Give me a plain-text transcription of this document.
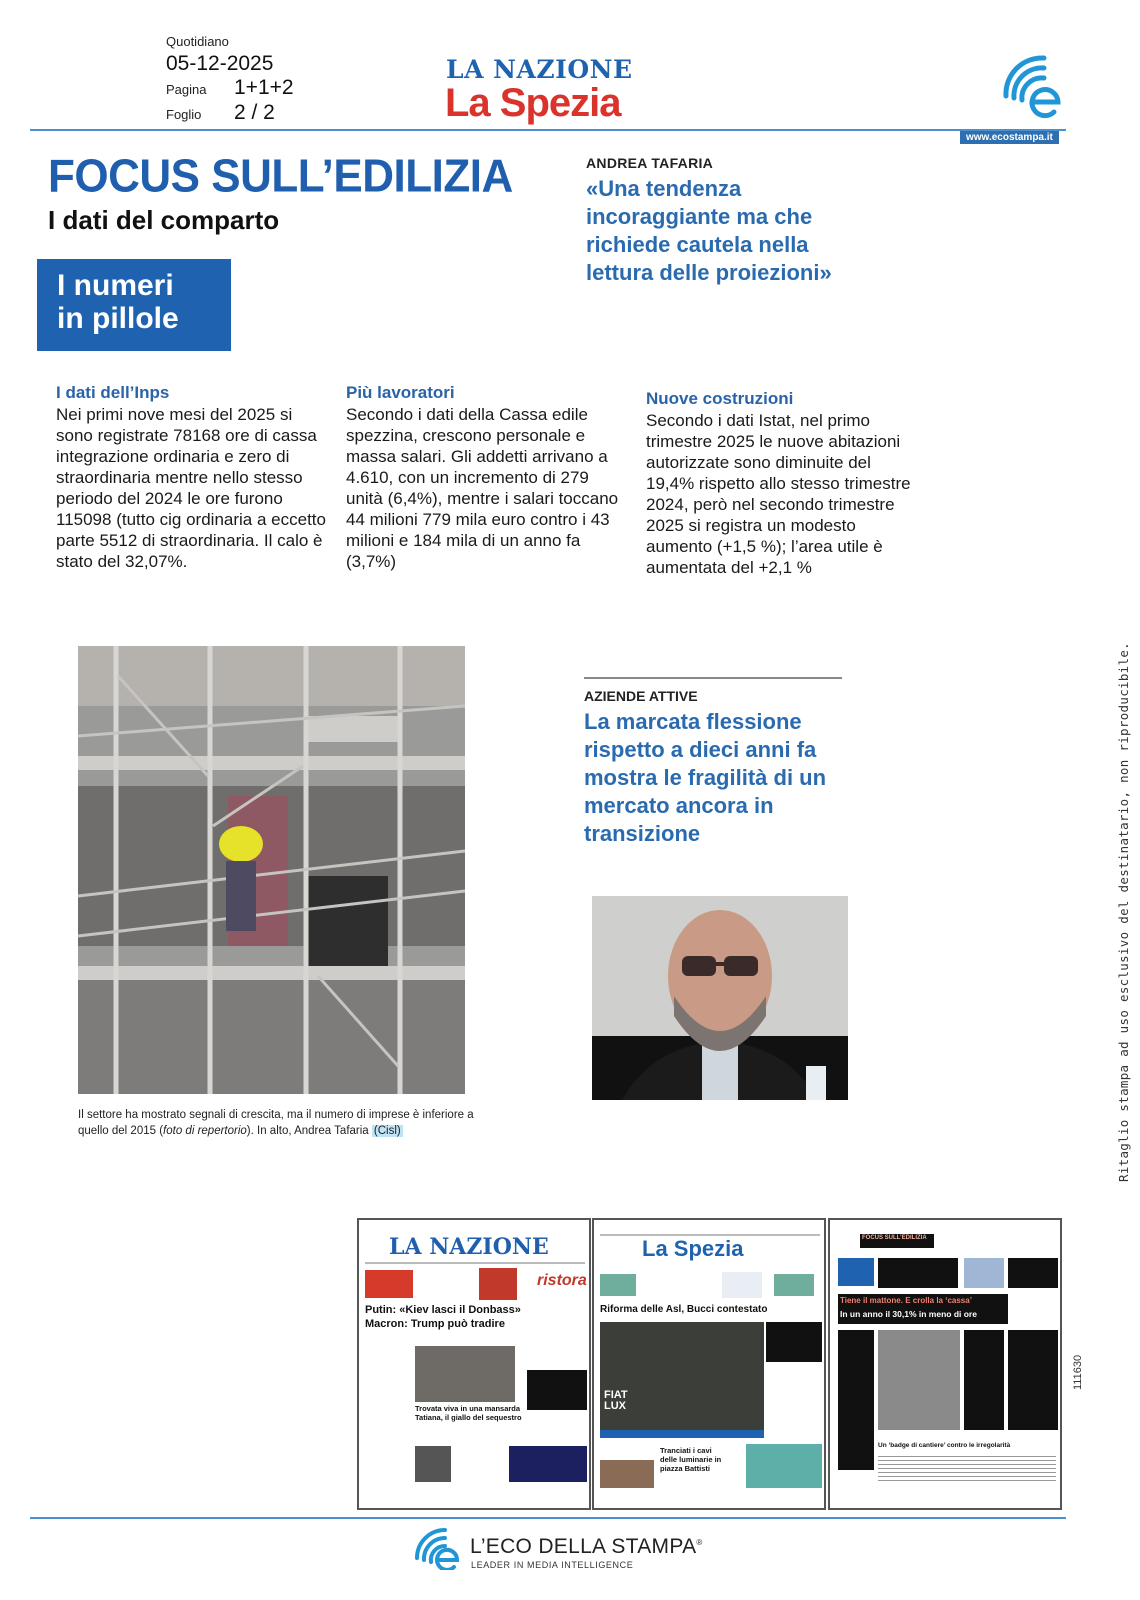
Quotidiano
05-12-2025
Pagina 1+1+2
Foglio 2 / 2
LA NAZIONE
La Spezia
www.ecostampa.it
FOCUS SULL’EDILIZIA
I dati del comparto
I numeri
in pillole
ANDREA TAFARIA
«Una tendenza incoraggiante ma che richiede cautela nella lettura delle proiezioni»
I dati dell’Inps

Nei primi nove mesi del 2025 si sono registrate 78168 ore di cassa integrazione ordinaria e zero di straordinaria mentre nello stesso periodo del 2024 le ore furono 115098 (tutto cig ordinaria a eccetto parte 5512 di straordinaria. Il calo è stato del 32,07%.

Più lavoratori

Secondo i dati della Cassa edile spezzina, crescono personale e massa salari. Gli addetti arrivano a 4.610, con un incremento di 279 unità (6,4%), mentre i salari toccano 44 milioni 779 mila euro contro i 43 milioni e 184 mila di un anno fa (3,7%)

Nuove costruzioni

Secondo i dati Istat, nel primo trimestre 2025 le nuove abitazioni autorizzate sono diminuite del 19,4% rispetto allo stesso trimestre 2024, però nel secondo trimestre 2025 si registra un modesto aumento (+1,5 %); l’area utile è aumentata del +2,1 %

Il settore ha mostrato segnali di crescita, ma il numero di imprese è inferiore a quello del 2015 (foto di repertorio). In alto, Andrea Tafaria (Cisl)
AZIENDE ATTIVE
La marcata flessione rispetto a dieci anni fa mostra le fragilità di un mercato ancora in transizione	Ritaglio stampa ad uso esclusivo del destinatario, non riproducibile.
111630
LA NAZIONE
ristora
Putin: «Kiev lasci il Donbass»
Macron: Trump può tradire
Trovata viva in una mansarda Tatiana, il giallo del sequestro
La Spezia
Riforma delle Asl, Bucci contestato
FIAT LUX
Tranciati i cavi delle luminarie in piazza Battisti
FOCUS SULL’EDILIZIA
Tiene il mattone. E crolla la ‘cassa’
In un anno il 30,1% in meno di ore
Un ‘badge di cantiere’ contro le irregolarità
L’ECO DELLA STAMPA®
LEADER IN MEDIA INTELLIGENCE
